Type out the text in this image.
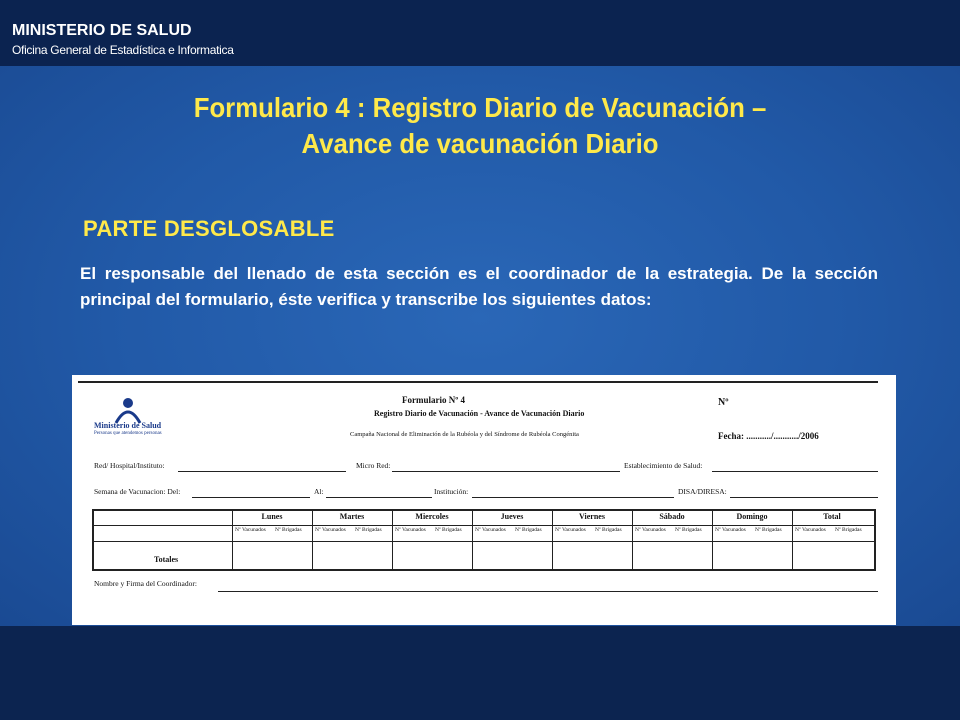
MINISTERIO DE SALUD
Oficina General de Estadística e Informatica
Formulario 4 : Registro Diario de Vacunación –
Avance de vacunación Diario
PARTE DESGLOSABLE
El responsable del llenado de esta sección es el coordinador de la estrategia. De la sección principal del formulario, éste verifica y transcribe los siguientes datos:
Ministerio de Salud
Personas que atendemos personas
Formulario Nº 4
Registro Diario de Vacunación - Avance de Vacunación Diario
Campaña Nacional de Eliminación de la Rubéola y del Síndrome de Rubéola Congénita
Nº
Fecha: .........../.........../2006
Red/ Hospital/Instituto:	Micro Red:	Establecimiento de Salud:
Semana de Vacunacion: Del:	Al:	Institución:	DISA/DIRESA:
Lunes	Martes	Miercoles	Jueves	Viernes	Sábado	Domingo	Total
Nº Vacunados Nº Brigadas Nº Vacunados Nº Brigadas Nº Vacunados Nº Brigadas Nº Vacunados Nº Brigadas Nº Vacunados Nº Brigadas Nº Vacunados Nº Brigadas Nº Vacunados Nº Brigadas Nº Vacunados Nº Brigadas
Totales
Nombre y Firma del Coordinador:
